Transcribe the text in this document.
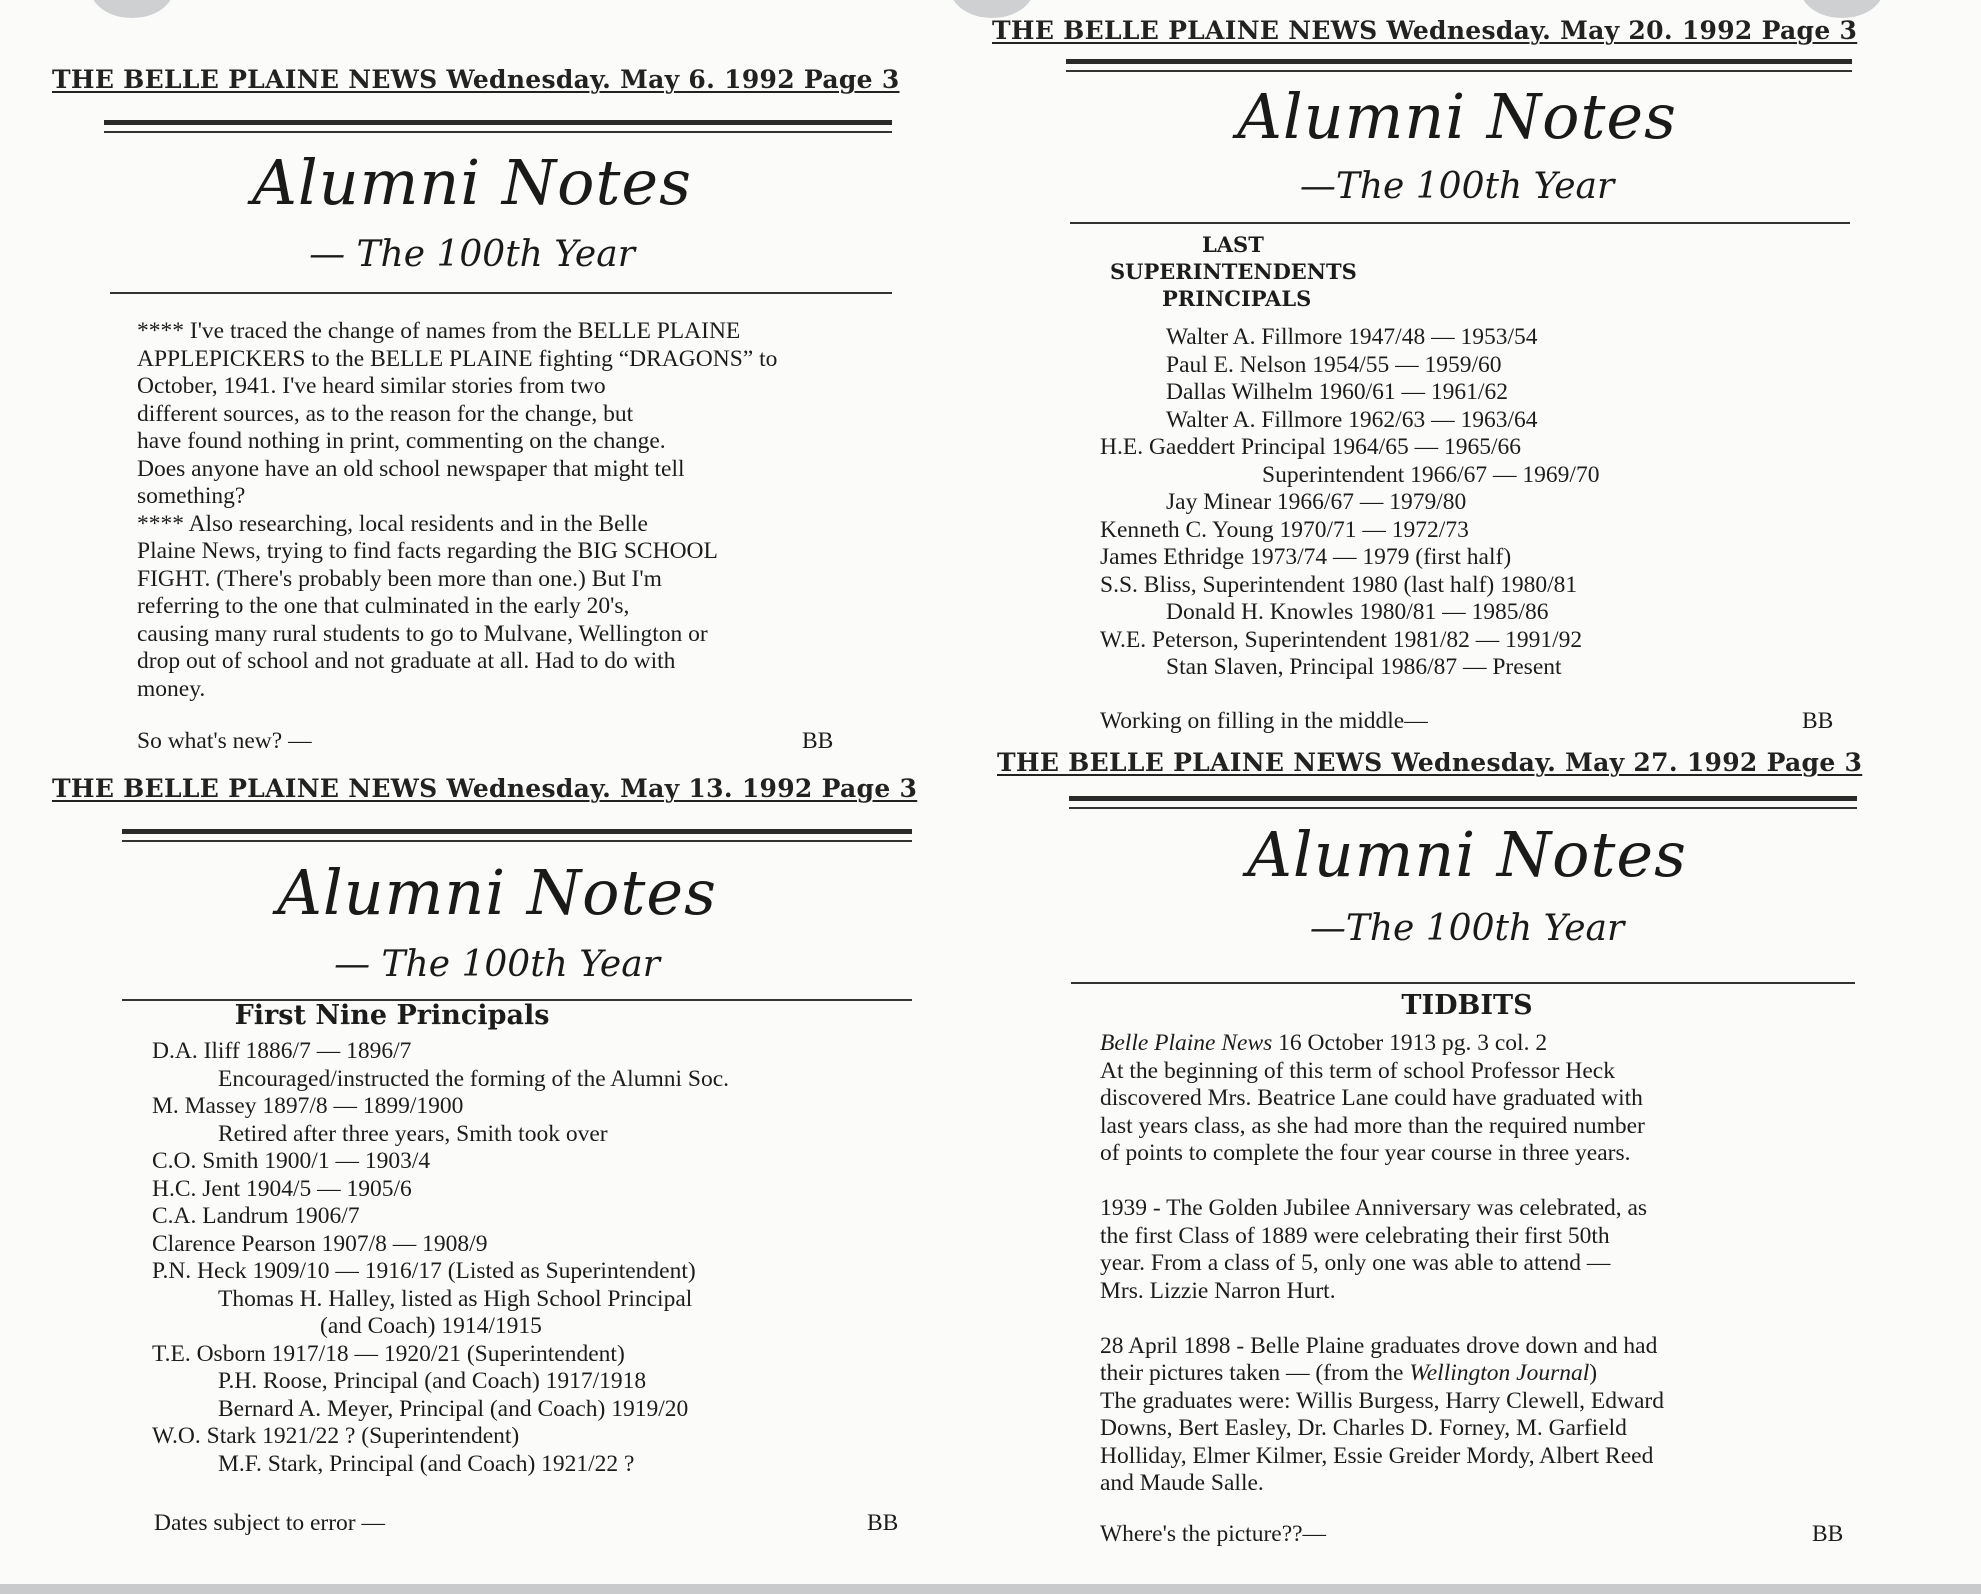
THE BELLE PLAINE NEWS Wednesday. May 6. 1992 Page 3
Alumni Notes
— The 100th Year
**** I've traced the change of names from the BELLE PLAINE
APPLEPICKERS to the BELLE PLAINE fighting “DRAGONS” to
October, 1941. I've heard similar stories from two
different sources, as to the reason for the change, but
have found nothing in print, commenting on the change.
Does anyone have an old school newspaper that might tell
something?
**** Also researching, local residents and in the Belle
Plaine News, trying to find facts regarding the BIG SCHOOL
FIGHT. (There's probably been more than one.) But I'm
referring to the one that culminated in the early 20's,
causing many rural students to go to Mulvane, Wellington or
drop out of school and not graduate at all. Had to do with
money.
So what's new? —	BB
THE BELLE PLAINE NEWS Wednesday. May 13. 1992 Page 3
Alumni Notes
— The 100th Year
First Nine Principals
D.A. Iliff 1886/7 — 1896/7
Encouraged/instructed the forming of the Alumni Soc.
M. Massey 1897/8 — 1899/1900
Retired after three years, Smith took over
C.O. Smith 1900/1 — 1903/4
H.C. Jent 1904/5 — 1905/6
C.A. Landrum 1906/7
Clarence Pearson 1907/8 — 1908/9
P.N. Heck 1909/10 — 1916/17 (Listed as Superintendent)
Thomas H. Halley, listed as High School Principal
(and Coach) 1914/1915
T.E. Osborn 1917/18 — 1920/21 (Superintendent)
P.H. Roose, Principal (and Coach) 1917/1918
Bernard A. Meyer, Principal (and Coach) 1919/20
W.O. Stark 1921/22 ? (Superintendent)
M.F. Stark, Principal (and Coach) 1921/22 ?
Dates subject to error —	BB
THE BELLE PLAINE NEWS Wednesday. May 20. 1992 Page 3
Alumni Notes
—The 100th Year
LAST
SUPERINTENDENTS
PRINCIPALS
Walter A. Fillmore 1947/48 — 1953/54
Paul E. Nelson 1954/55 — 1959/60
Dallas Wilhelm 1960/61 — 1961/62
Walter A. Fillmore 1962/63 — 1963/64
H.E. Gaeddert Principal 1964/65 — 1965/66
Superintendent 1966/67 — 1969/70
Jay Minear 1966/67 — 1979/80
Kenneth C. Young 1970/71 — 1972/73
James Ethridge 1973/74 — 1979 (first half)
S.S. Bliss, Superintendent 1980 (last half) 1980/81
Donald H. Knowles 1980/81 — 1985/86
W.E. Peterson, Superintendent 1981/82 — 1991/92
Stan Slaven, Principal 1986/87 — Present
Working on filling in the middle—	BB
THE BELLE PLAINE NEWS Wednesday. May 27. 1992 Page 3
Alumni Notes
—The 100th Year
TIDBITS
Belle Plaine News 16 October 1913 pg. 3 col. 2
At the beginning of this term of school Professor Heck
discovered Mrs. Beatrice Lane could have graduated with
last years class, as she had more than the required number
of points to complete the four year course in three years.

1939 - The Golden Jubilee Anniversary was celebrated, as
the first Class of 1889 were celebrating their first 50th
year. From a class of 5, only one was able to attend —
Mrs. Lizzie Narron Hurt.

28 April 1898 - Belle Plaine graduates drove down and had
their pictures taken — (from the Wellington Journal)
The graduates were: Willis Burgess, Harry Clewell, Edward
Downs, Bert Easley, Dr. Charles D. Forney, M. Garfield
Holliday, Elmer Kilmer, Essie Greider Mordy, Albert Reed
and Maude Salle.
Where's the picture??—	BB
